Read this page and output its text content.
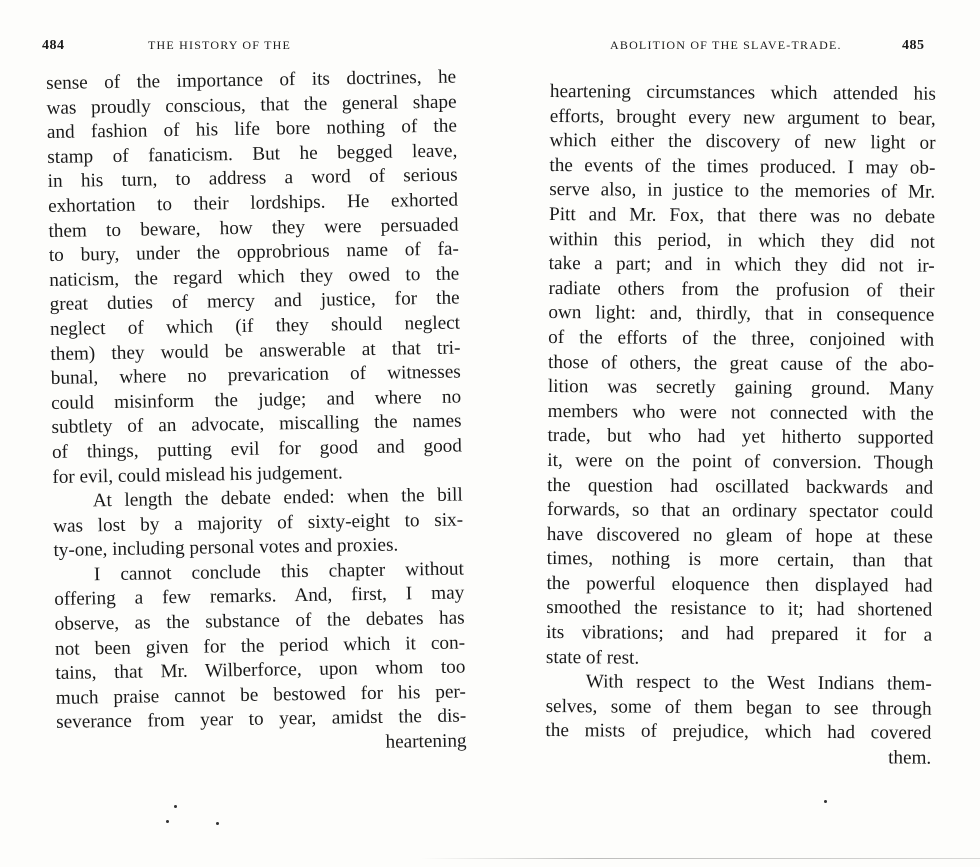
484	THE HISTORY OF THE
sense of the importance of its doctrines, he
was proudly conscious, that the general shape
and fashion of his life bore nothing of the
stamp of fanaticism. But he begged leave,
in his turn, to address a word of serious
exhortation to their lordships. He exhorted
them to beware, how they were persuaded
to bury, under the opprobrious name of fa-
naticism, the regard which they owed to the
great duties of mercy and justice, for the
neglect of which (if they should neglect
them) they would be answerable at that tri-
bunal, where no prevarication of witnesses
could misinform the judge; and where no
subtlety of an advocate, miscalling the names
of things, putting evil for good and good
for evil, could mislead his judgement.
At length the debate ended: when the bill
was lost by a majority of sixty-eight to six-
ty-one, including personal votes and proxies.
I cannot conclude this chapter without
offering a few remarks. And, first, I may
observe, as the substance of the debates has
not been given for the period which it con-
tains, that Mr. Wilberforce, upon whom too
much praise cannot be bestowed for his per-
severance from year to year, amidst the dis-
heartening
ABOLITION OF THE SLAVE-TRADE.	485
heartening circumstances which attended his
efforts, brought every new argument to bear,
which either the discovery of new light or
the events of the times produced. I may ob-
serve also, in justice to the memories of Mr.
Pitt and Mr. Fox, that there was no debate
within this period, in which they did not
take a part; and in which they did not ir-
radiate others from the profusion of their
own light: and, thirdly, that in consequence
of the efforts of the three, conjoined with
those of others, the great cause of the abo-
lition was secretly gaining ground. Many
members who were not connected with the
trade, but who had yet hitherto supported
it, were on the point of conversion. Though
the question had oscillated backwards and
forwards, so that an ordinary spectator could
have discovered no gleam of hope at these
times, nothing is more certain, than that
the powerful eloquence then displayed had
smoothed the resistance to it; had shortened
its vibrations; and had prepared it for a
state of rest.
With respect to the West Indians them-
selves, some of them began to see through
the mists of prejudice, which had covered
them.
